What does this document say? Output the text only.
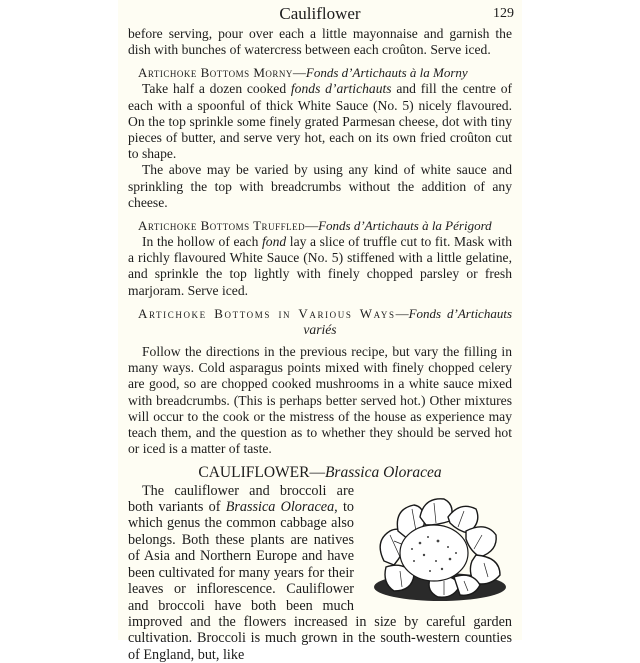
Cauliflower	129

before serving, pour over each a little mayonnaise and garnish the dish with bunches of watercress between each croûton. Serve iced.

Artichoke Bottoms Morny—Fonds d’Artichauts à la Morny

Take half a dozen cooked fonds d’artichauts and fill the centre of each with a spoonful of thick White Sauce (No. 5) nicely flavoured. On the top sprinkle some finely grated Parmesan cheese, dot with tiny pieces of butter, and serve very hot, each on its own fried croûton cut to shape.

The above may be varied by using any kind of white sauce and sprinkling the top with breadcrumbs without the addition of any cheese.

Artichoke Bottoms Truffled—Fonds d’Artichauts à la Périgord

In the hollow of each fond lay a slice of truffle cut to fit. Mask with a richly flavoured White Sauce (No. 5) stiffened with a little gelatine, and sprinkle the top lightly with finely chopped parsley or fresh marjoram. Serve iced.

Artichoke Bottoms in Various Ways—Fonds d’Artichauts

variés

Follow the directions in the previous recipe, but vary the filling in many ways. Cold asparagus points mixed with finely chopped celery are good, so are chopped cooked mushrooms in a white sauce mixed with breadcrumbs. (This is perhaps better served hot.) Other mixtures will occur to the cook or the mistress of the house as experience may teach them, and the question as to whether they should be served hot or iced is a matter of taste.

CAULIFLOWER—Brassica Oloracea

The cauliflower and broccoli are both variants of Brassica Oloracea, to which genus the common cabbage also belongs. Both these plants are natives of Asia and Northern Europe and have been cultivated for many years for their leaves or inflorescence. Cauliflower and broccoli have both been much improved and the flowers increased in size by careful garden cultivation. Broccoli is much grown in the south-western counties of England, but, like
